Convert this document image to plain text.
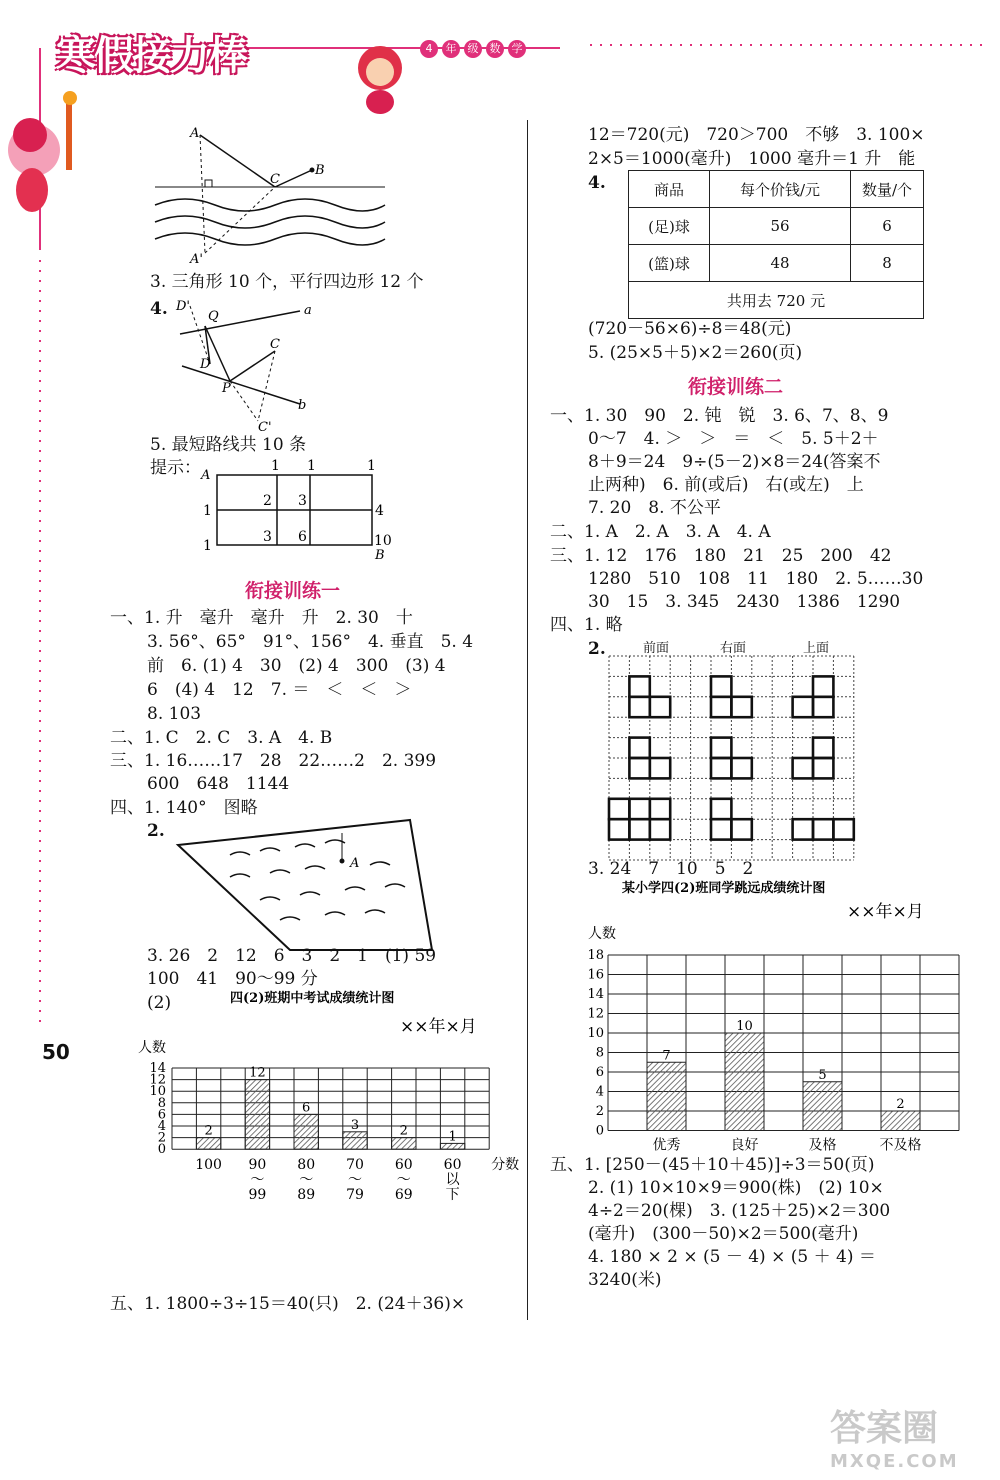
寒假接力棒	4	年	级	数	学
50
A
B
C
A'
3. 三角形 10 个，平行四边形 12 个
4. D'
Q	a
D
C
P
b
C'
5. 最短路线共 10 条
提示： A
1 1	1
2 3
4
1
3 6	10
1
B
衔接训练一
一、1. 升　毫升　毫升　升　2. 30　十
3. 56°、65°　91°、156°　4. 垂直　5. 4
前　6. (1) 4　30　(2) 4　300　(3) 4
6　(4) 4　12　7. ＝　＜　＜　＞
8. 103
二、1. C　2. C　3. A　4. B
三、1. 16……17　28　22……2　2. 399
600　648　1144
四、1. 140°　图略
2.
A
3. 26　2　12　6　3　2　1　(1) 59
100　41　90～99 分
(2)	四(2)班期中考试成绩统计图
××年×月
人数
0
2
4
6
8
10
12
14
2
100
12
90
～
99
6
80
～
89
3
70
～
79
2
60
～
69
1
60
以
下
分数
五、1. 1800÷3÷15＝40(只)　2. (24＋36)×
12＝720(元)　720＞700　不够　3. 100×
2×5＝1000(毫升)　1000 毫升＝1 升　能
4.	商品	每个价钱/元	数量/个
(足)球	56	6
(篮)球	48	8
共用去 720 元		
(720－56×6)÷8＝48(元)
5. (25×5＋5)×2＝260(页)
衔接训练二
一、1. 30　90　2. 钝　锐　3. 6、7、8、9
0～7　4. ＞　＞　＝　＜　5. 5＋2＋
8＋9＝24　9÷(5－2)×8＝24(答案不
止两种)　6. 前(或后)　右(或左)　上
7. 20　8. 不公平
二、1. A　2. A　3. A　4. A
三、1. 12　176　180　21　25　200　42
1280　510　108　11　180　2. 5……30
30　15　3. 345　2430　1386　1290
四、1. 略
2.	前面	右面	上面
3. 24　7　10　5　2
某小学四(2)班同学跳远成绩统计图
××年×月
人数
0
2
4
6
8
10
12
14
16
18
7
优秀
10
良好
5
及格
2
不及格
五、1. [250－(45＋10＋45)]÷3＝50(页)
2. (1) 10×10×9＝900(株)　(2) 10×
4÷2＝20(棵)　3. (125＋25)×2＝300
(毫升)　(300－50)×2＝500(毫升)
4. 180 × 2 × (5 － 4) × (5 ＋ 4) ＝
3240(米)
答案圈
MXQE.COM
